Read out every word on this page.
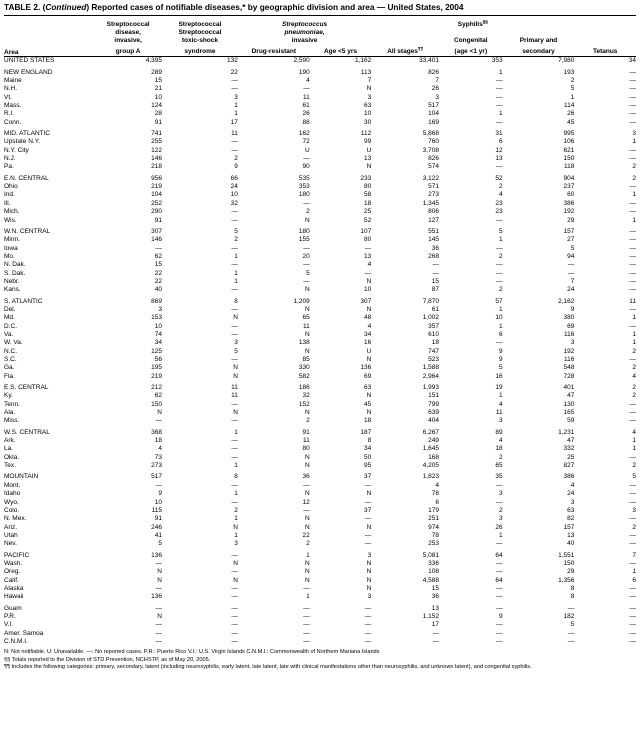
TABLE 2. (Continued) Reported cases of notifiable diseases,* by geographic division and area — United States, 2004

	Streptococcal	Streptococcal	Streptococcus		Syphilis§§

	disease,	Streptococcal	pneumoniae,					

	invasive,	toxic-shock	invasive			Congenital	Primary and	

Area	group A	syndrome	Drug-resistant	Age <5 yrs	All stages¶¶	(age <1 yr)	secondary	Tetanus
UNITED STATES	4,395	132	2,590	1,162	33,401	353	7,980	34

NEW ENGLAND	289	22	190	113	826	1	193	—
Maine	15	—	4	7	7	—	2	—
N.H.	21	—	—	N	26	—	5	—
Vt.	10	3	11	3	3	—	1	—
Mass.	124	1	61	63	517	—	114	—
R.I.	28	1	26	10	104	1	26	—
Conn.	91	17	88	30	169	—	45	—

MID. ATLANTIC	741	11	162	112	5,868	31	995	3
Upstate N.Y.	255	—	72	99	760	6	106	1
N.Y. City	122	—	U	U	3,708	12	621	—
N.J.	146	2	—	13	826	13	150	—
Pa.	218	9	90	N	574	—	118	2

E.N. CENTRAL	956	66	535	233	3,122	52	904	2
Ohio	219	24	353	80	571	2	237	—
Ind.	104	10	180	58	273	4	60	1
Ill.	252	32	—	18	1,345	23	386	—
Mich.	290	—	2	25	806	23	192	—
Wis.	91	—	N	52	127	—	29	1

W.N. CENTRAL	307	5	180	107	551	5	157	—
Minn.	146	2	155	80	145	1	27	—
Iowa	—	—	—	—	36	—	5	—
Mo.	62	1	20	13	268	2	94	—
N. Dak.	15	—	—	4	—	—	—	—
S. Dak.	22	1	5	—	—	—	—	—
Nebr.	22	1	—	N	15	—	7	—
Kans.	40	—	N	10	87	2	24	—

S. ATLANTIC	869	8	1,209	307	7,870	57	2,162	11
Del.	3	—	N	N	61	1	9	—
Md.	153	N	65	48	1,002	10	380	1
D.C.	10	—	11	4	357	1	69	—
Va.	74	—	N	34	610	6	116	1
W. Va.	34	3	138	16	18	—	3	1
N.C.	125	5	N	U	747	9	192	2
S.C.	56	—	85	N	523	9	116	—
Ga.	195	N	330	136	1,588	5	548	2
Fla.	219	N	582	69	2,964	16	728	4

E.S. CENTRAL	212	11	186	63	1,993	19	401	2
Ky.	62	11	32	N	151	1	47	2
Tenn.	150	—	152	45	799	4	130	—
Ala.	N	N	N	N	639	11	165	—
Miss.	—	—	2	18	404	3	59	—

W.S. CENTRAL	368	1	91	187	6,267	89	1,231	4
Ark.	18	—	11	8	249	4	47	1
La.	4	—	80	34	1,645	18	332	1
Okla.	73	—	N	50	168	2	25	—
Tex.	273	1	N	95	4,205	65	827	2

MOUNTAIN	517	8	36	37	1,823	35	386	5
Mont.	—	—	—	—	4	—	4	—
Idaho	9	1	N	N	78	3	24	—
Wyo.	10	—	12	—	6	—	3	—
Colo.	115	2	—	37	179	2	63	3
N. Mex.	91	1	N	—	251	3	82	—
Ariz.	246	N	N	N	974	26	157	2
Utah	41	1	22	—	78	1	13	—
Nev.	5	3	2	—	253	—	40	—

PACIFIC	136	—	1	3	5,081	64	1,551	7
Wash.	—	N	N	N	336	—	150	—
Oreg.	N	—	N	N	108	—	29	1
Calif.	N	N	N	N	4,588	64	1,356	6
Alaska	—	—	—	N	15	—	8	—
Hawaii	136	—	1	3	36	—	8	—

Guam	—	—	—	—	13	—	—	—
P.R.	N	—	—	—	1,152	9	182	—
V.I.	—	—	—	—	17	—	5	—
Amer. Samoa	—	—	—	—	—	—	—	—
C.N.M.I.	—	—	—	—	—	—	—	—
N: Not notifiable. U: Unavailable. —: No reported cases. P.R.: Puerto Rico V.I.: U.S. Virgin Islands C.N.M.I.: Commonwealth of Northern Mariana Islands
§§ Totals reported to the Division of STD Prevention, NCHSTP, as of May 20, 2005.
¶¶ Includes the following categories: primary, secondary, latent (including neurosyphilis, early latent, late latent, late with clinical manifestations other than neurosyphilis, and unknown latent), and congenital syphilis.
